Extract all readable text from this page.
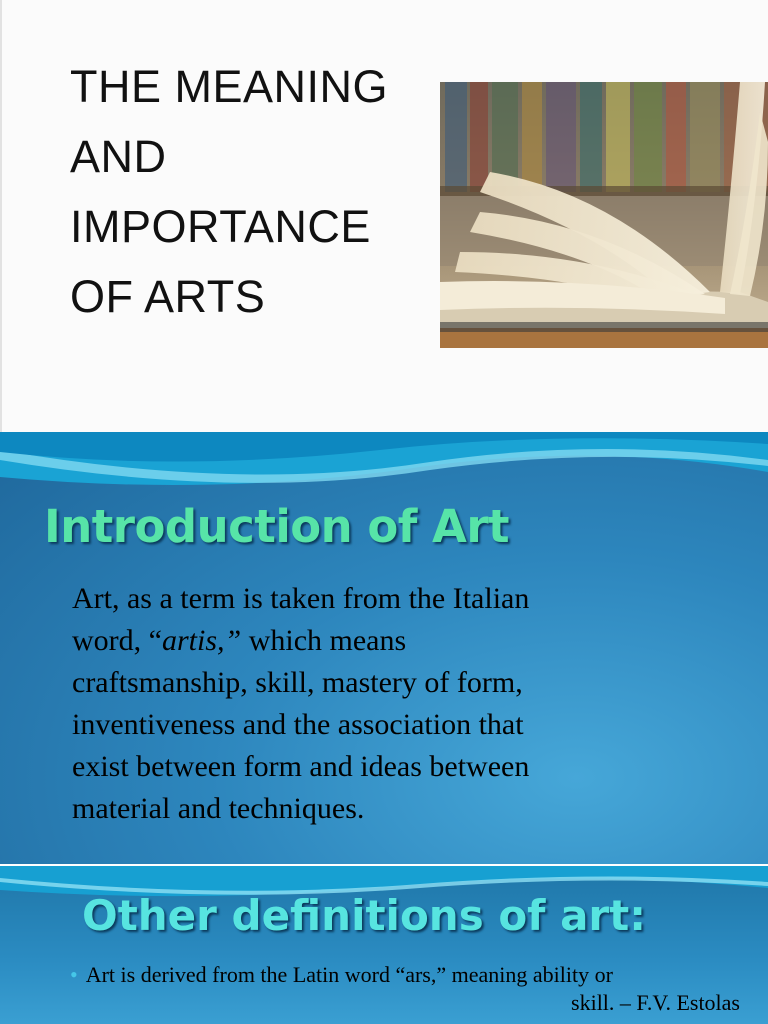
THE MEANING
AND
IMPORTANCE
OF ARTS
Introduction of Art
Art, as a term is taken from the Italian
word, “artis,” which means
craftsmanship, skill, mastery of form,
inventiveness and the association that
exist between form and ideas between
material and techniques.
Other definitions of art:
• Art is derived from the Latin word “ars,” meaning ability or
skill. – F.V. Estolas
